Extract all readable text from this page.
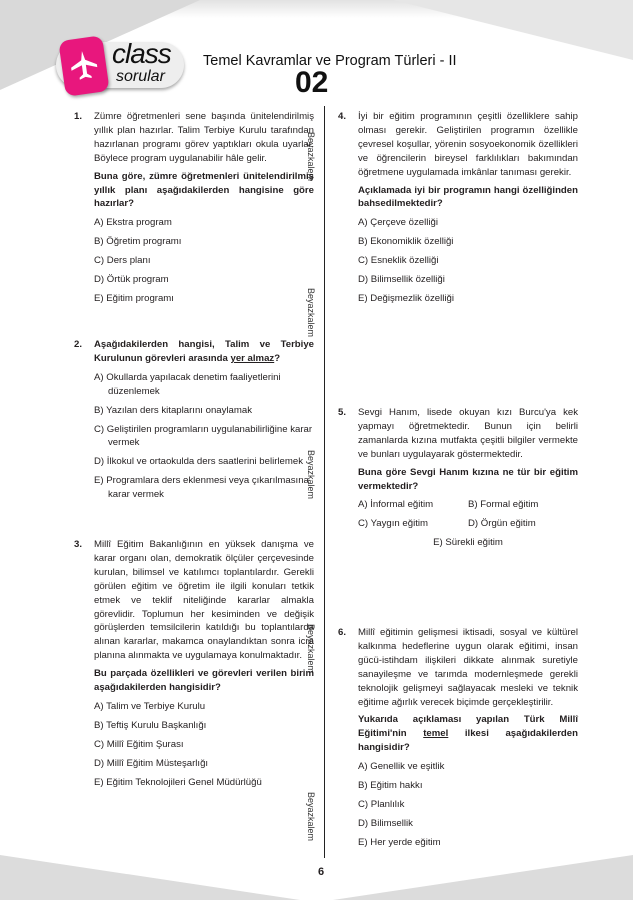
class
sorular
Temel Kavramlar ve Program Türleri - II
02
Beyazkalem
Beyazkalem
Beyazkalem
Beyazkalem
Beyazkalem
1. Zümre öğretmenleri sene başında ünitelendirilmiş yıllık plan hazırlar. Talim Terbiye Kurulu tarafından hazırlanan programı görev yaptıkları okula uyarlar. Böylece program uygulanabilir hâle gelir.

Buna göre, zümre öğretmenleri ünitelendirilmiş yıllık planı aşağıdakilerden hangisine göre hazırlar?

A) Ekstra program

B) Öğretim programı

C) Ders planı

D) Örtük program

E) Eğitim programı

2. Aşağıdakilerden hangisi, Talim ve Terbiye Kurulunun görevleri arasında yer almaz?

A) Okullarda yapılacak denetim faaliyetlerini düzenlemek

B) Yazılan ders kitaplarını onaylamak

C) Geliştirilen programların uygulanabilirliğine karar vermek

D) İlkokul ve ortaokulda ders saatlerini belirlemek

E) Programlara ders eklenmesi veya çıkarılmasına karar vermek

3. Millî Eğitim Bakanlığının en yüksek danışma ve karar organı olan, demokratik ölçüler çerçevesinde kurulan, bilimsel ve katılımcı toplantılardır. Gerekli görülen eğitim ve öğretim ile ilgili konuları tetkik etmek ve teklif niteliğinde kararlar almakla görevlidir. Toplumun her kesiminden ve değişik görüşlerden temsilcilerin katıldığı bu toplantılarda alınan kararlar, makamca onaylandıktan sonra icra planına alınmakta ve uygulamaya konulmaktadır.

Bu parçada özellikleri ve görevleri verilen birim aşağıdakilerden hangisidir?

A) Talim ve Terbiye Kurulu

B) Teftiş Kurulu Başkanlığı

C) Millî Eğitim Şurası

D) Millî Eğitim Müsteşarlığı

E) Eğitim Teknolojileri Genel Müdürlüğü

4. İyi bir eğitim programının çeşitli özelliklere sahip olması gerekir. Geliştirilen programın özellikle çevresel koşullar, yörenin sosyoekonomik özellikleri ve öğrencilerin bireysel farklılıkları bakımından öğretmene uygulamada imkânlar tanıması gerekir.

Açıklamada iyi bir programın hangi özelliğinden bahsedilmektedir?

A) Çerçeve özelliği

B) Ekonomiklik özelliği

C) Esneklik özelliği

D) Bilimsellik özelliği

E) Değişmezlik özelliği

5. Sevgi Hanım, lisede okuyan kızı Burcu'ya kek yapmayı öğretmektedir. Bunun için belirli zamanlarda kızına mutfakta çeşitli bilgiler vermekte ve bunları uygulayarak göstermektedir.

Buna göre Sevgi Hanım kızına ne tür bir eğitim vermektedir?

A) İnformal eğitim	B) Formal eğitim
C) Yaygın eğitim	D) Örgün eğitim
E) Sürekli eğitim
6. Millî eğitimin gelişmesi iktisadi, sosyal ve kültürel kalkınma hedeflerine uygun olarak eğitimi, insan gücü-istihdam ilişkileri dikkate alınmak suretiyle sanayileşme ve tarımda modernleşmede gerekli teknolojik gelişmeyi sağlayacak mesleki ve teknik eğitime ağırlık verecek biçimde gerçekleştirilir.

Yukarıda açıklaması yapılan Türk Millî Eğitimi'nin temel ilkesi aşağıdakilerden hangisidir?

A) Genellik ve eşitlik

B) Eğitim hakkı

C) Planlılık

D) Bilimsellik

E) Her yerde eğitim

6
